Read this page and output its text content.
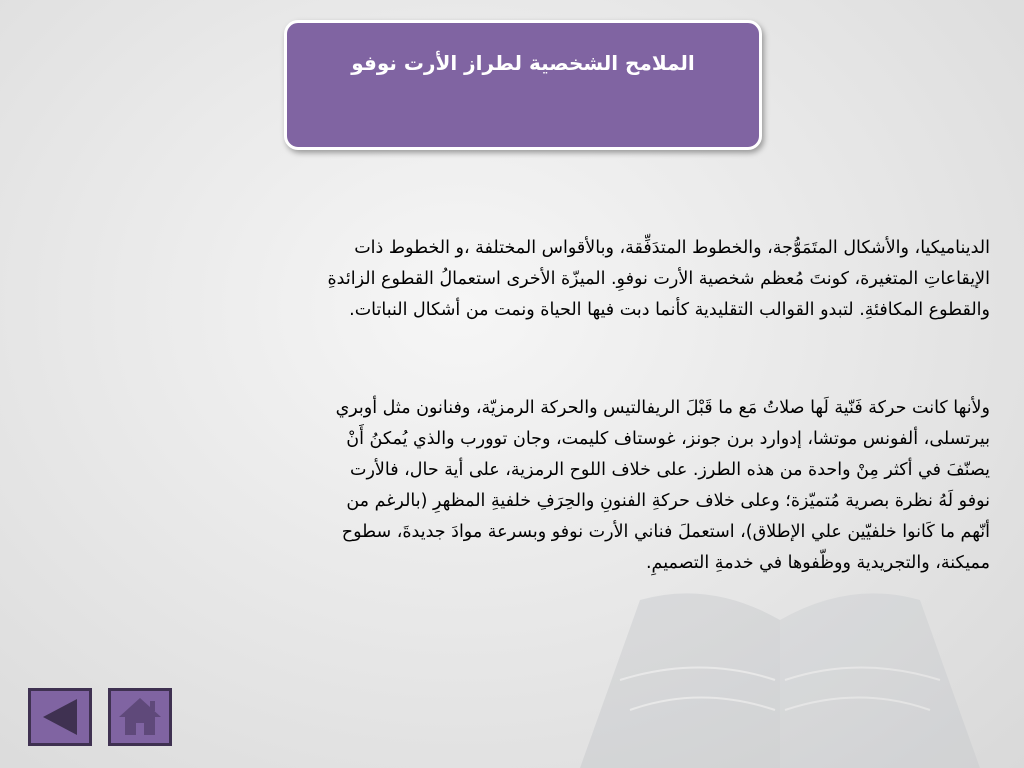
الملامح الشخصية لطراز الأرت نوفو
الديناميكيا، والأشكال المتَمَوُّجة، والخطوط المتدَفِّقة، وبالأقواس المختلفة ،و الخطوط ذات
الإيقاعاتِ المتغيرة، كونتَ مُعظم شخصية الأرت نوفوِ. الميزّة الأخرى استعمالُ القطوع الزائدةِ
والقطوع المكافئةِ. لتبدو القوالب التقليدية كأنما دبت فيها الحياة ونمت من أشكال النباتات.
ولأنها كانت حركة فَنّية لَها صلاتُ مَع ما قَبْلَ الريفالتيس والحركة الرمزيّة، وفنانون مثل أوبري
بيرتسلى، ألفونس موتشا، إدوارد برن جونز، غوستاف كليمت، وجان توورب والذي يُمكنُ أَنْ
يصنّفَ في أكثر مِنْ واحدة من هذه الطرز. على خلاف اللوح الرمزية، على أية حال، فالأرت
نوفو لَهُ نظرة بصرية مُتميّزة؛ وعلى خلاف حركةِ الفنونِ والحِرَفِ خلفيةِ المظهرِ (بالرغم من
أنّهم ما كَانوا خلفيّين علي الإطلاق)، استعملَ فناني الأرت نوفو وبسرعة موادَ جديدةَ، سطوح
مميكنة، والتجريدية ووظّفوها في خدمةِ التصميمِ.
